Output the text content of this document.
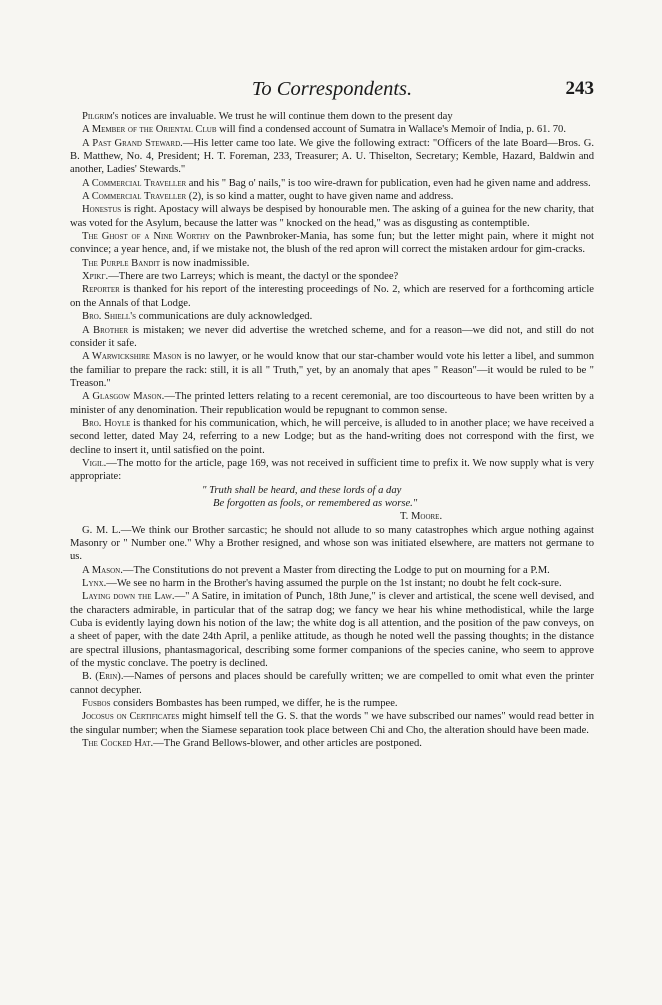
To Correspondents.	243

Pilgrim's notices are invaluable. We trust he will continue them down to the present day

A Member of the Oriental Club will find a condensed account of Sumatra in Wallace's Memoir of India, p. 61. 70.

A Past Grand Steward.—His letter came too late. We give the following extract: "Officers of the late Board—Bros. G. B. Matthew, No. 4, President; H. T. Foreman, 233, Treasurer; A. U. Thiselton, Secretary; Kemble, Hazard, Baldwin and another, Ladies' Stewards."

A Commercial Traveller and his " Bag o' nails," is too wire-drawn for publication, even had he given name and address.

A Commercial Traveller (2), is so kind a matter, ought to have given name and address.

Honestus is right. Apostacy will always be despised by honourable men. The asking of a guinea for the new charity, that was voted for the Asylum, because the latter was " knocked on the head," was as disgusting as contemptible.

The Ghost of a Nine Worthy on the Pawnbroker-Mania, has some fun; but the letter might pain, where it might not convince; a year hence, and, if we mistake not, the blush of the red apron will correct the mistaken ardour for gim-cracks.

The Purple Bandit is now inadmissible.

Χρίκγ.—There are two Larreys; which is meant, the dactyl or the spondee?

Reporter is thanked for his report of the interesting proceedings of No. 2, which are reserved for a forthcoming article on the Annals of that Lodge.

Bro. Shiell's communications are duly acknowledged.

A Brother is mistaken; we never did advertise the wretched scheme, and for a reason—we did not, and still do not consider it safe.

A Warwickshire Mason is no lawyer, or he would know that our star-chamber would vote his letter a libel, and summon the familiar to prepare the rack: still, it is all " Truth," yet, by an anomaly that apes " Reason"—it would be ruled to be " Treason."

A Glasgow Mason.—The printed letters relating to a recent ceremonial, are too discourteous to have been written by a minister of any denomination. Their republication would be repugnant to common sense.

Bro. Hoyle is thanked for his communication, which, he will perceive, is alluded to in another place; we have received a second letter, dated May 24, referring to a new Lodge; but as the hand-writing does not correspond with the first, we decline to insert it, until satisfied on the point.

Vigil.—The motto for the article, page 169, was not received in sufficient time to prefix it. We now supply what is very appropriate:

" Truth shall be heard, and these lords of a day

Be forgotten as fools, or remembered as worse."

T. Moore.

G. M. L.—We think our Brother sarcastic; he should not allude to so many catastrophes which argue nothing against Masonry or " Number one." Why a Brother resigned, and whose son was initiated elsewhere, are matters not germane to us.

A Mason.—The Constitutions do not prevent a Master from directing the Lodge to put on mourning for a P.M.

Lynx.—We see no harm in the Brother's having assumed the purple on the 1st instant; no doubt he felt cock-sure.

Laying down the Law.—" A Satire, in imitation of Punch, 18th June," is clever and artistical, the scene well devised, and the characters admirable, in particular that of the satrap dog; we fancy we hear his whine methodistical, while the large Cuba is evidently laying down his notion of the law; the white dog is all attention, and the position of the paw conveys, on a sheet of paper, with the date 24th April, a penlike attitude, as though he noted well the passing thoughts; in the distance are spectral illusions, phantasmagorical, describing some former companions of the species canine, who seem to approve of the mystic conclave. The poetry is declined.

B. (Erin).—Names of persons and places should be carefully written; we are compelled to omit what even the printer cannot decypher.

Fusbos considers Bombastes has been rumped, we differ, he is the rumpee.

Jocosus on Certificates might himself tell the G. S. that the words " we have subscribed our names" would read better in the singular number; when the Siamese separation took place between Chi and Cho, the alteration should have been made.

The Cocked Hat.—The Grand Bellows-blower, and other articles are postponed.
